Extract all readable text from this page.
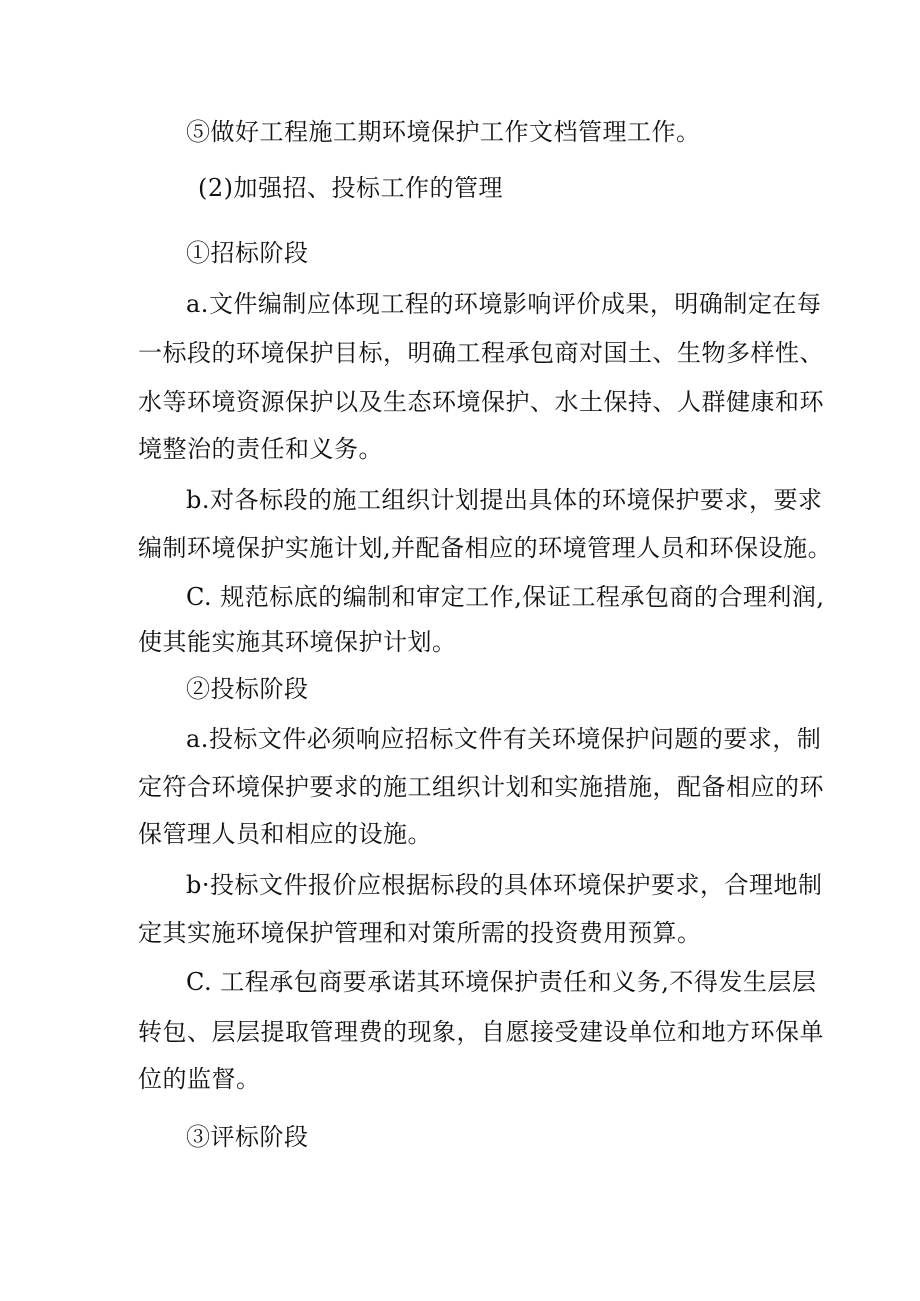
⑤做好工程施工期环境保护工作文档管理工作。
(2)加强招、投标工作的管理
①招标阶段
a.文件编制应体现工程的环境影响评价成果，明确制定在每
一标段的环境保护目标，明确工程承包商对国土、生物多样性、
水等环境资源保护以及生态环境保护、水土保持、人群健康和环
境整治的责任和义务。
b.对各标段的施工组织计划提出具体的环境保护要求，要求
编制环境保护实施计划,并配备相应的环境管理人员和环保设施。
C. 规范标底的编制和审定工作,保证工程承包商的合理利润,
使其能实施其环境保护计划。
②投标阶段
a.投标文件必须响应招标文件有关环境保护问题的要求，制
定符合环境保护要求的施工组织计划和实施措施，配备相应的环
保管理人员和相应的设施。
b·投标文件报价应根据标段的具体环境保护要求，合理地制
定其实施环境保护管理和对策所需的投资费用预算。
C. 工程承包商要承诺其环境保护责任和义务,不得发生层层
转包、层层提取管理费的现象，自愿接受建设单位和地方环保单
位的监督。
③评标阶段
